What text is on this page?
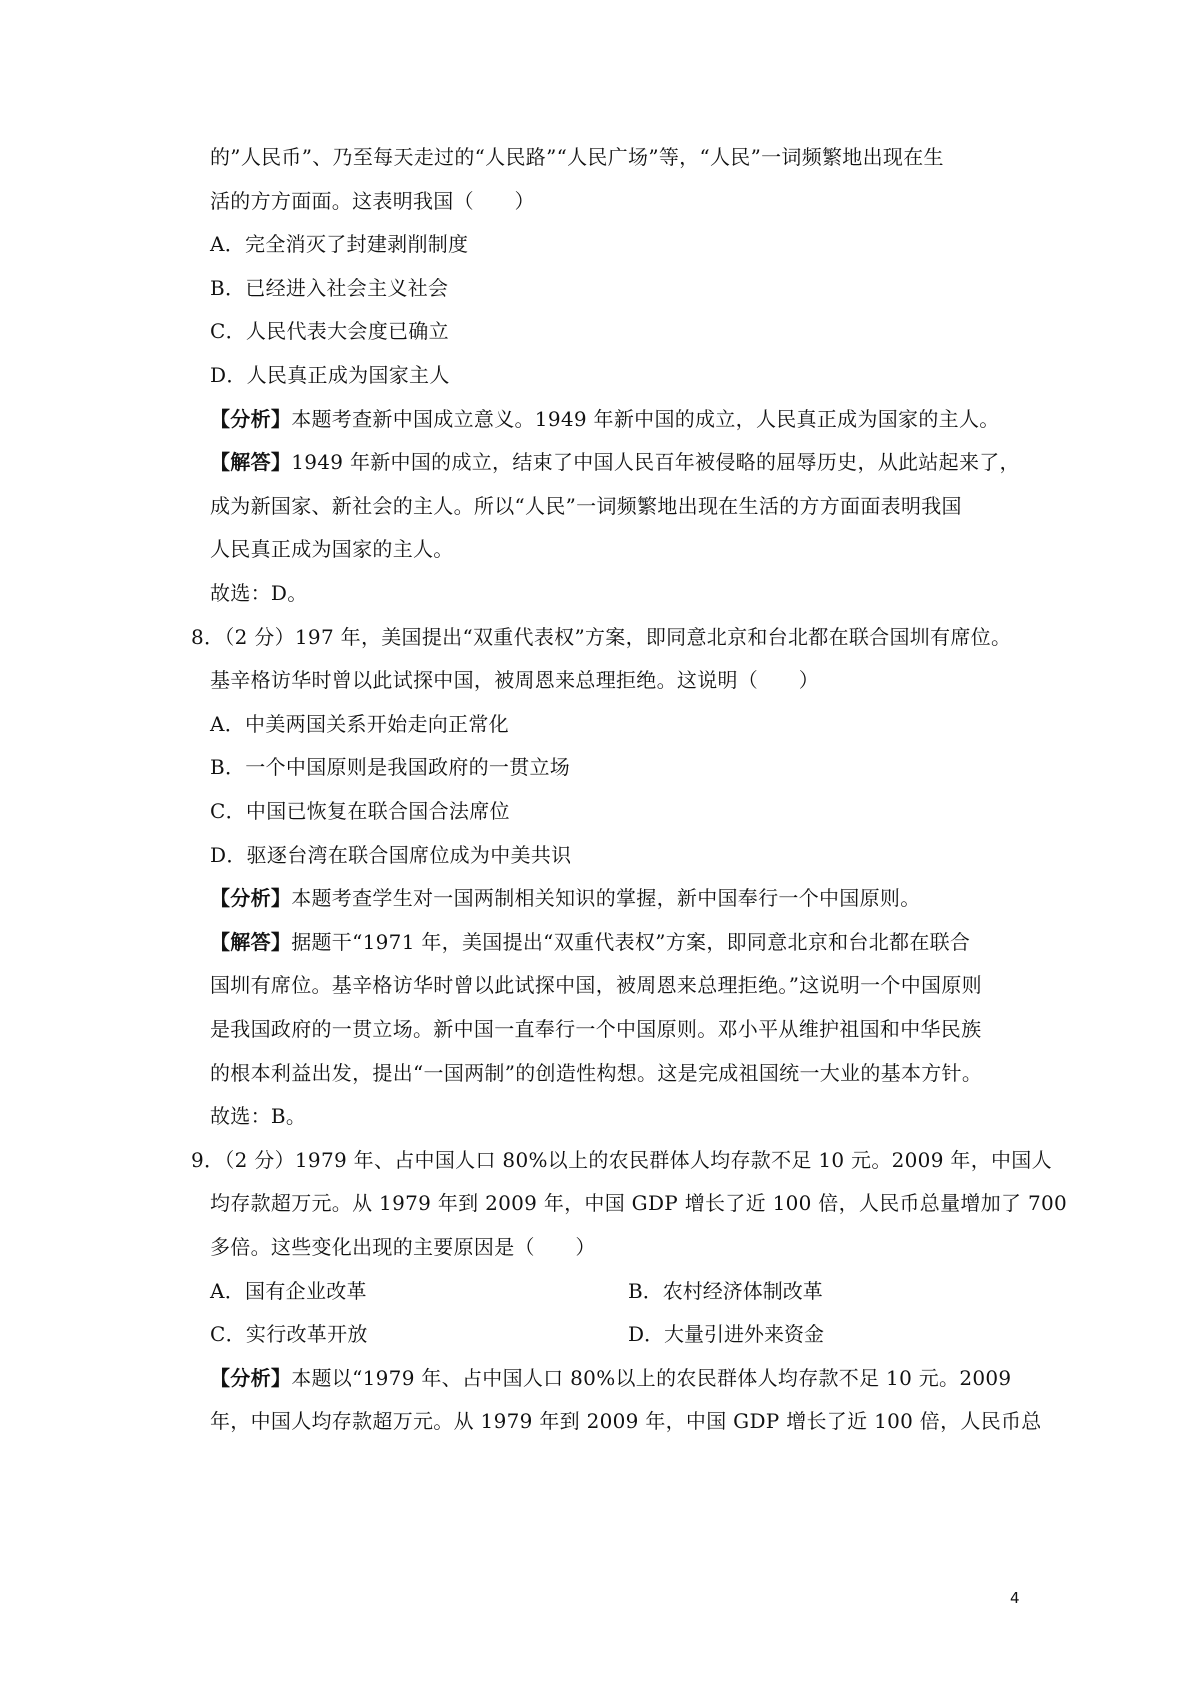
的”人民币”、乃至每天走过的“人民路”“人民广场”等，“人民”一词频繁地出现在生
活的方方面面。这表明我国（　　）
A．完全消灭了封建剥削制度
B．已经进入社会主义社会
C．人民代表大会度已确立
D．人民真正成为国家主人
【分析】本题考查新中国成立意义。1949 年新中国的成立，人民真正成为国家的主人。
【解答】1949 年新中国的成立，结束了中国人民百年被侵略的屈辱历史，从此站起来了，
成为新国家、新社会的主人。所以“人民”一词频繁地出现在生活的方方面面表明我国
人民真正成为国家的主人。
故选：D。
8．（2 分）197 年，美国提出“双重代表权”方案，即同意北京和台北都在联合国圳有席位。
基辛格访华时曾以此试探中国，被周恩来总理拒绝。这说明（　　）
A．中美两国关系开始走向正常化
B．一个中国原则是我国政府的一贯立场
C．中国已恢复在联合国合法席位
D．驱逐台湾在联合国席位成为中美共识
【分析】本题考查学生对一国两制相关知识的掌握，新中国奉行一个中国原则。
【解答】据题干“1971 年，美国提出“双重代表权”方案，即同意北京和台北都在联合
国圳有席位。基辛格访华时曾以此试探中国，被周恩来总理拒绝。”这说明一个中国原则
是我国政府的一贯立场。新中国一直奉行一个中国原则。邓小平从维护祖国和中华民族
的根本利益出发，提出“一国两制”的创造性构想。这是完成祖国统一大业的基本方针。
故选：B。
9．（2 分）1979 年、占中国人口 80%以上的农民群体人均存款不足 10 元。2009 年，中国人
均存款超万元。从 1979 年到 2009 年，中国 GDP 增长了近 100 倍，人民币总量增加了 700
多倍。这些变化出现的主要原因是（　　）
A．国有企业改革	B．农村经济体制改革
C．实行改革开放	D．大量引进外来资金
【分析】本题以“1979 年、占中国人口 80%以上的农民群体人均存款不足 10 元。2009
年，中国人均存款超万元。从 1979 年到 2009 年，中国 GDP 增长了近 100 倍，人民币总
4
